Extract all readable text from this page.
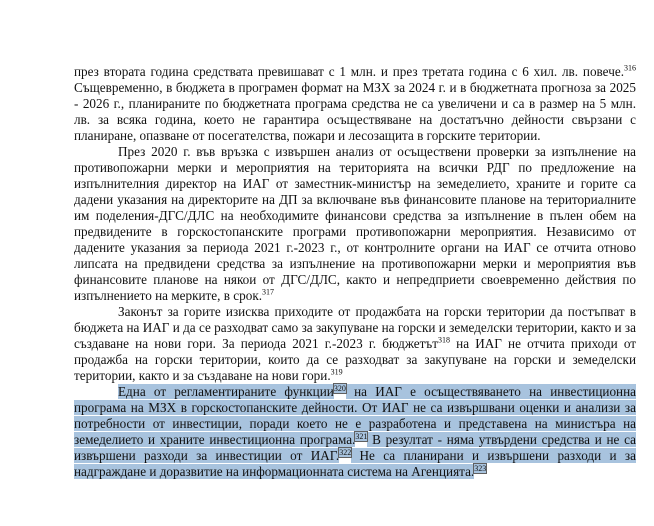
през втората година средствата превишават с 1 млн. и през третата година с 6 хил. лв. повече.$^{316}$ Същевременно, в бюджета в програмен формат на МЗХ за 2024 г. и в бюджетната прогноза за 2025 - 2026 г., планираните по бюджетната програма средства не са увеличени и са в размер на 5 млн. лв. за всяка година, което не гарантира осъществяване на достатъчно дейности свързани с планиране, опазване от посегателства, пожари и лесозащита в горските територии.

През 2020 г. във връзка с извършен анализ от осъществени проверки за изпълнение на противопожарни мерки и мероприятия на територията на всички РДГ по предложение на изпълнителния директор на ИАГ от заместник-министър на земеделието, храните и горите са дадени указания на директорите на ДП за включване във финансовите планове на териториалните им поделения-ДГС/ДЛС на необходимите финансови средства за изпълнение в пълен обем на предвидените в горскостопанските програми противопожарни мероприятия. Независимо от дадените указания за периода 2021 г.-2023 г., от контролните органи на ИАГ се отчита отново липсата на предвидени средства за изпълнение на противопожарни мерки и мероприятия във финансовите планове на някои от ДГС/ДЛС, както и непредприети своевременно действия по изпълнението на мерките, в срок.$^{317}$

Законът за горите изисква приходите от продажбата на горски територии да постъпват в бюджета на ИАГ и да се разходват само за закупуване на горски и земеделски територии, както и за създаване на нови гори. За периода 2021 г.-2023 г. бюджетът$^{318}$ на ИАГ не отчита приходи от продажба на горски територии, които да се разходват за закупуване на горски и земеделски територии, както и за създаване на нови гори.$^{319}$

Една от регламентираните функции$^{320}$ на ИАГ е осъществяването на инвестиционна програма на МЗХ в горскостопанските дейности. От ИАГ не са извършвани оценки и анализи за потребности от инвестиции, поради което не е разработена и представена на министъра на земеделието и храните инвестиционна програма.$^{321}$ В резултат - няма утвърдени средства и не са извършени разходи за инвестиции от ИАГ.$^{322}$ Не са планирани и извършени разходи и за надграждане и доразвитие на информационната система на Агенцията.$^{323}$
